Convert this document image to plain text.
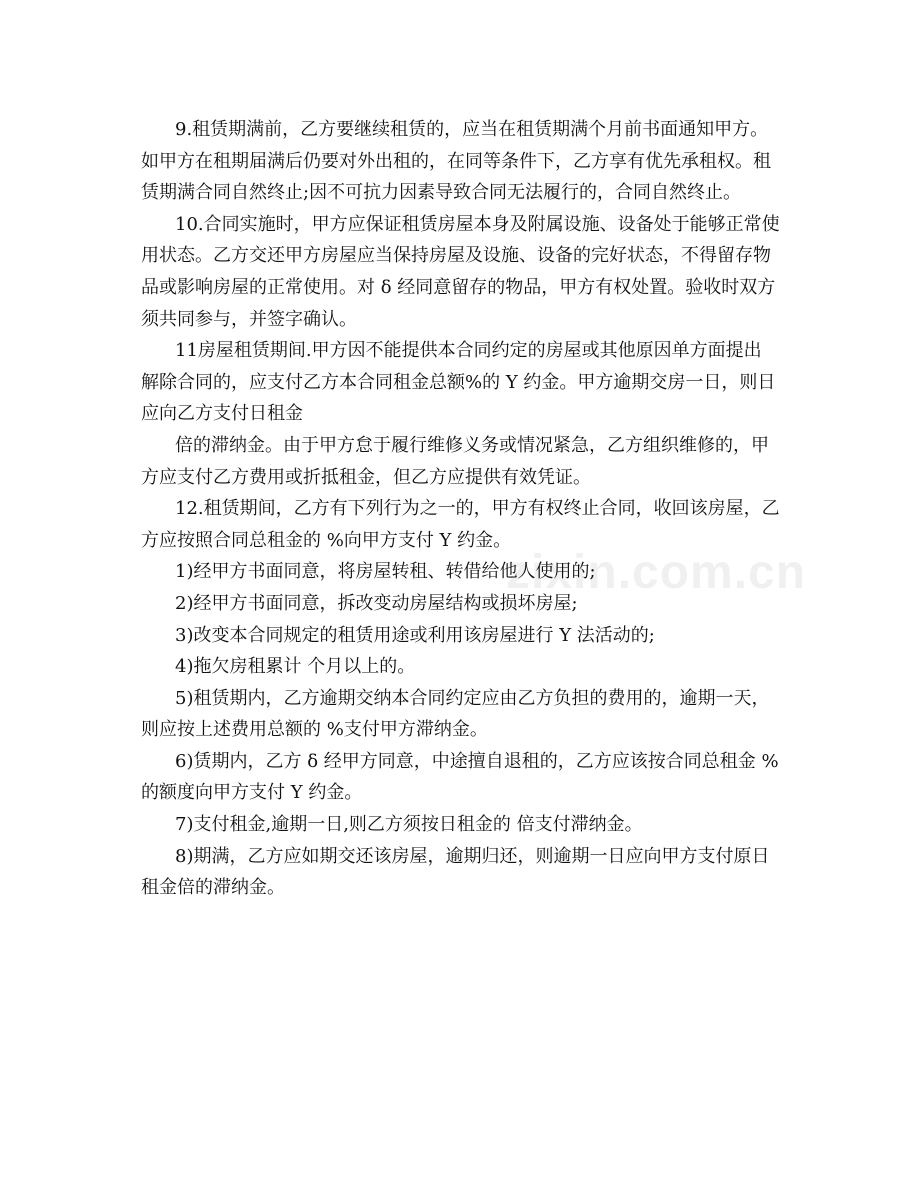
9.租赁期满前，乙方要继续租赁的，应当在租赁期满个月前书面通知甲方。
如甲方在租期届满后仍要对外出租的，在同等条件下，乙方享有优先承租权。租
赁期满合同自然终止;因不可抗力因素导致合同无法履行的，合同自然终止。
10.合同实施时，甲方应保证租赁房屋本身及附属设施、设备处于能够正常使
用状态。乙方交还甲方房屋应当保持房屋及设施、设备的完好状态，不得留存物
品或影响房屋的正常使用。对 δ 经同意留存的物品，甲方有权处置。验收时双方
须共同参与，并签字确认。
11房屋租赁期间.甲方因不能提供本合同约定的房屋或其他原因单方面提出
解除合同的，应支付乙方本合同租金总额%的 Υ 约金。甲方逾期交房一日，则日
应向乙方支付日租金
倍的滞纳金。由于甲方怠于履行维修义务或情况紧急，乙方组织维修的，甲
方应支付乙方费用或折抵租金，但乙方应提供有效凭证。
12.租赁期间，乙方有下列行为之一的，甲方有权终止合同，收回该房屋，乙
方应按照合同总租金的 %向甲方支付 Υ 约金。
1)经甲方书面同意，将房屋转租、转借给他人使用的;
2)经甲方书面同意，拆改变动房屋结构或损坏房屋;
3)改变本合同规定的租赁用途或利用该房屋进行 Υ 法活动的;
4)拖欠房租累计 个月以上的。
5)租赁期内，乙方逾期交纳本合同约定应由乙方负担的费用的，逾期一天，
则应按上述费用总额的 %支付甲方滞纳金。
6)赁期内，乙方 δ 经甲方同意，中途擅自退租的，乙方应该按合同总租金 %
的额度向甲方支付 Υ 约金。
7)支付租金,逾期一日,则乙方须按日租金的 倍支付滞纳金。
8)期满，乙方应如期交还该房屋，逾期归还，则逾期一日应向甲方支付原日
租金倍的滞纳金。
zixin.com.cn
